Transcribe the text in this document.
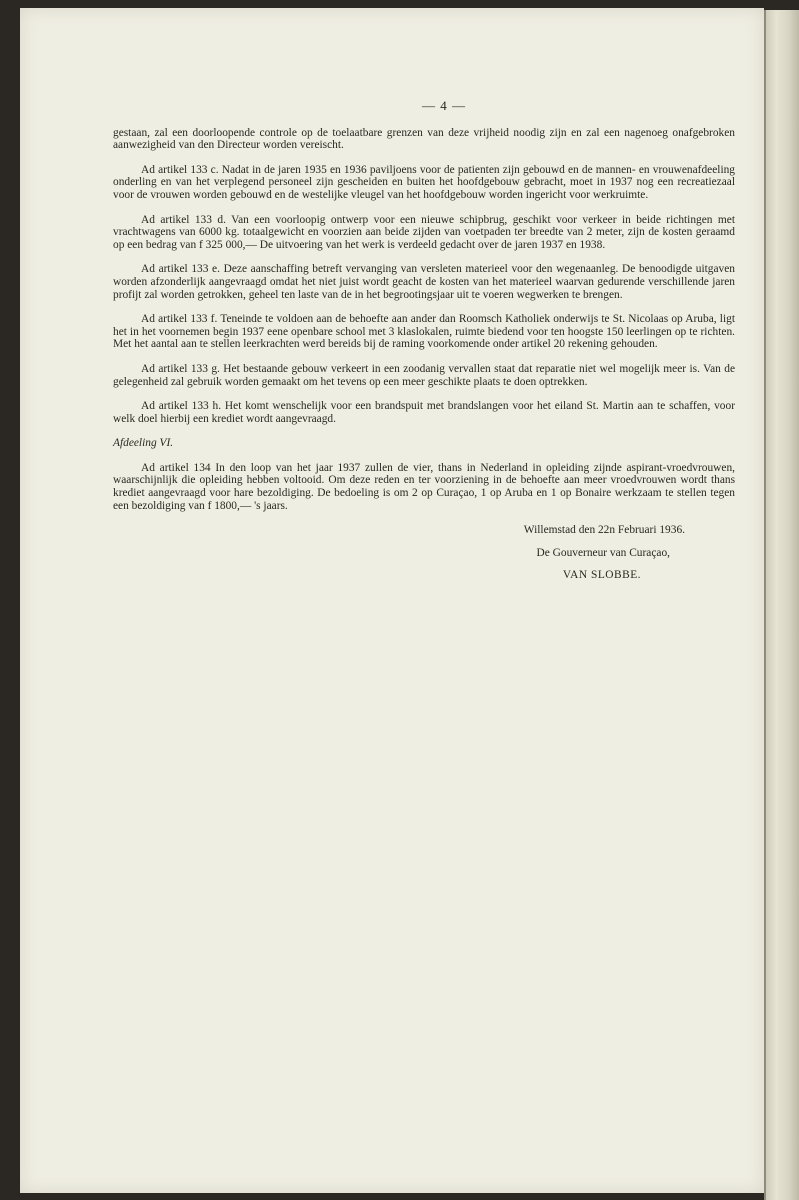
— 4 —

gestaan, zal een doorloopende controle op de toelaatbare grenzen van deze vrijheid noodig zijn en zal een nagenoeg onafgebroken aanwezigheid van den Directeur worden vereischt.

Ad artikel 133 c. Nadat in de jaren 1935 en 1936 paviljoens voor de patienten zijn gebouwd en de mannen- en vrouwenafdeeling onderling en van het verplegend personeel zijn gescheiden en buiten het hoofdgebouw gebracht, moet in 1937 nog een recreatiezaal voor de vrouwen worden gebouwd en de westelijke vleugel van het hoofdgebouw worden ingericht voor werkruimte.

Ad artikel 133 d. Van een voorloopig ontwerp voor een nieuwe schipbrug, geschikt voor verkeer in beide richtingen met vrachtwagens van 6000 kg. totaalgewicht en voorzien aan beide zijden van voetpaden ter breedte van 2 meter, zijn de kosten geraamd op een bedrag van f 325 000,— De uitvoering van het werk is verdeeld gedacht over de jaren 1937 en 1938.

Ad artikel 133 e. Deze aanschaffing betreft vervanging van versleten materieel voor den wegenaanleg. De benoodigde uitgaven worden afzonderlijk aangevraagd omdat het niet juist wordt geacht de kosten van het materieel waarvan gedurende verschillende jaren profijt zal worden getrokken, geheel ten laste van de in het begrootingsjaar uit te voeren wegwerken te brengen.

Ad artikel 133 f. Teneinde te voldoen aan de behoefte aan ander dan Roomsch Katholiek onderwijs te St. Nicolaas op Aruba, ligt het in het voornemen begin 1937 eene openbare school met 3 klaslokalen, ruimte biedend voor ten hoogste 150 leerlingen op te richten. Met het aantal aan te stellen leerkrachten werd bereids bij de raming voorkomende onder artikel 20 rekening gehouden.

Ad artikel 133 g. Het bestaande gebouw verkeert in een zoodanig vervallen staat dat reparatie niet wel mogelijk meer is. Van de gelegenheid zal gebruik worden gemaakt om het tevens op een meer geschikte plaats te doen optrekken.

Ad artikel 133 h. Het komt wenschelijk voor een brandspuit met brandslangen voor het eiland St. Martin aan te schaffen, voor welk doel hierbij een krediet wordt aangevraagd.

Afdeeling VI.

Ad artikel 134 In den loop van het jaar 1937 zullen de vier, thans in Nederland in opleiding zijnde aspirant-vroedvrouwen, waarschijnlijk die opleiding hebben voltooid. Om deze reden en ter voorziening in de behoefte aan meer vroedvrouwen wordt thans krediet aangevraagd voor hare bezoldiging. De bedoeling is om 2 op Curaçao, 1 op Aruba en 1 op Bonaire werkzaam te stellen tegen een bezoldiging van f 1800,— 's jaars.

Willemstad den 22n Februari 1936.

De Gouverneur van Curaçao,

VAN SLOBBE.
